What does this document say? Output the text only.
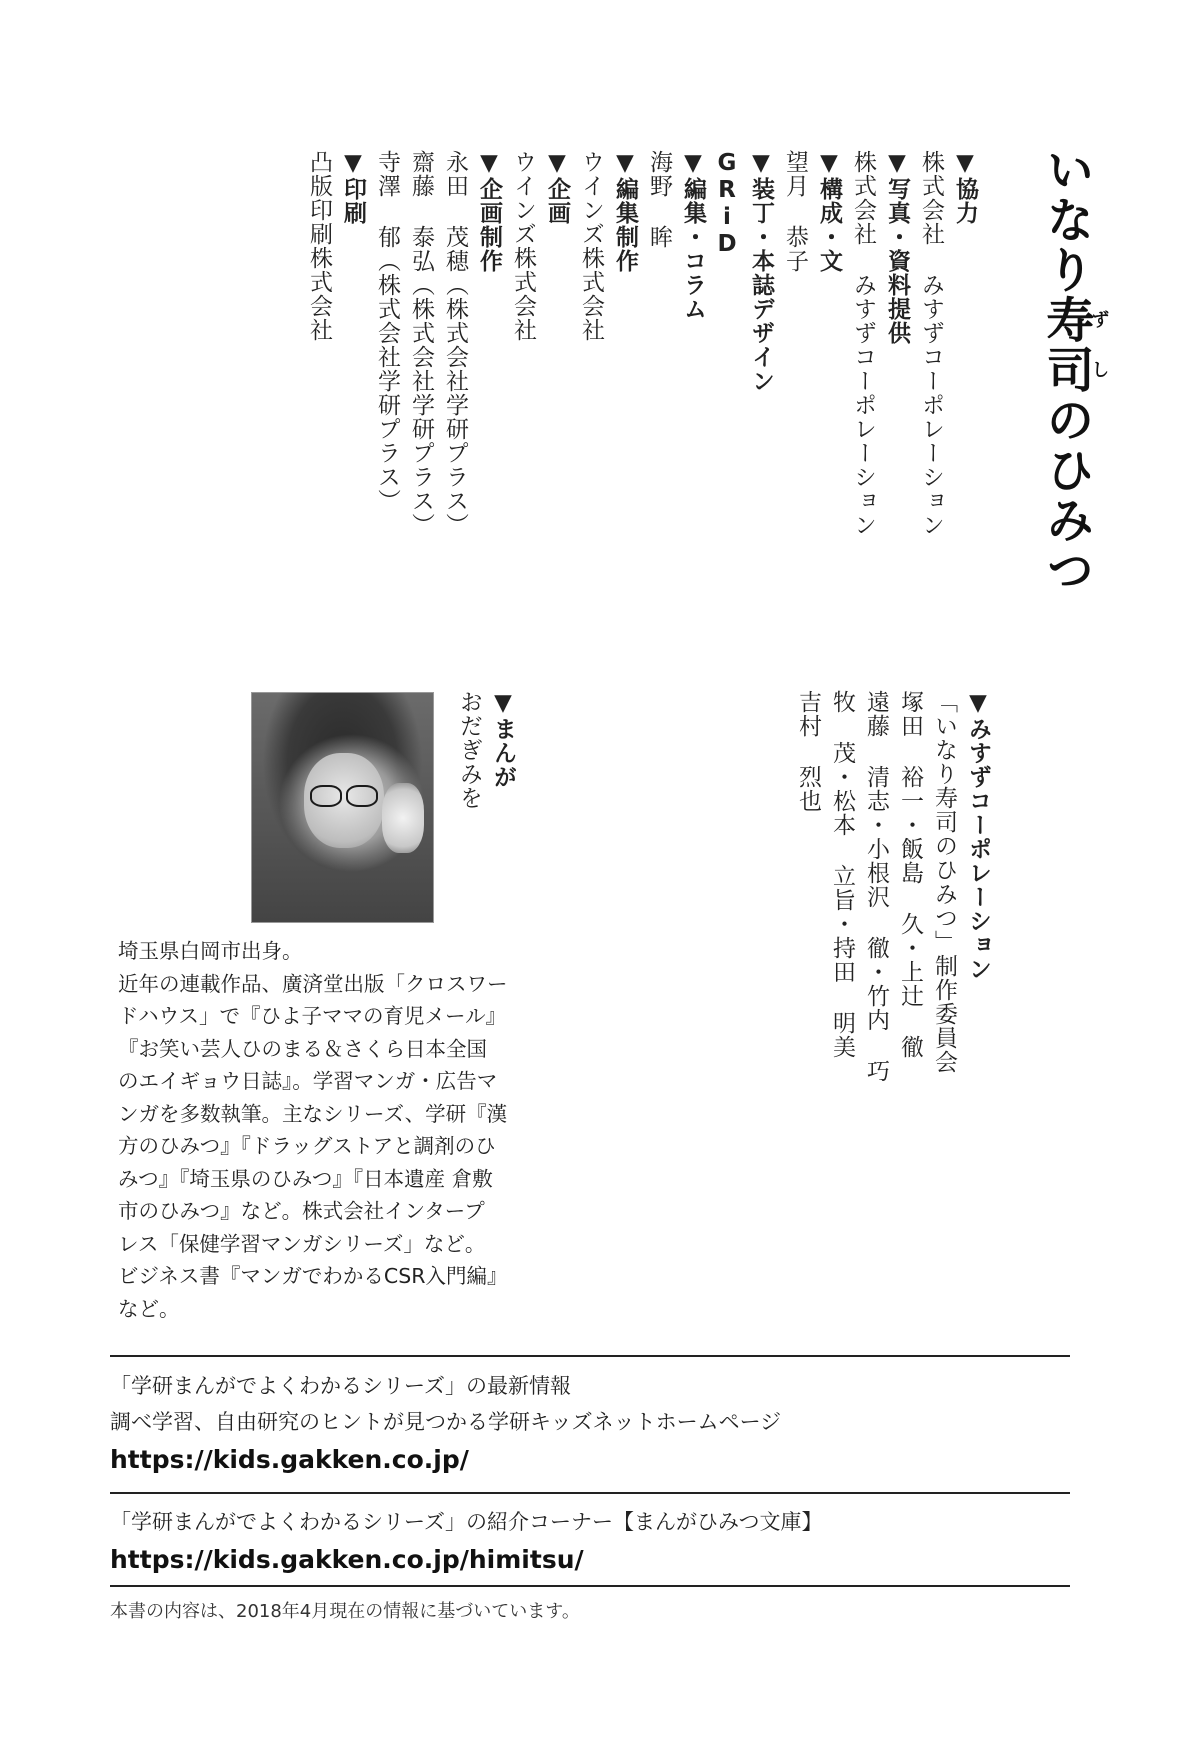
いなり寿司ずしのひみつ
▼ 協力
株式会社 みすずコーポレーション
▼ 写真・資料提供
株式会社 みすずコーポレーション
▼ 構成・文
望月 恭子
▼ 装丁・本誌デザイン
GRiD
▼ 編集・コラム
海野 眸
▼ 編集制作
ウインズ株式会社
▼ 企画
ウインズ株式会社
▼ 企画制作
永田 茂穂（株式会社学研プラス）
齋藤 泰弘（株式会社学研プラス）
寺澤 郁（株式会社学研プラス）
▼ 印刷
凸版印刷株式会社
▼ みすずコーポレーション
「いなり寿司のひみつ」制作委員会
塚田 裕一・飯島 久・上辻 徹
遠藤 清志・小根沢 徹・竹内 巧
牧 茂・松本 立旨・持田 明美
吉村 烈也
▼ まんが
おだぎみを
埼玉県白岡市出身。
近年の連載作品、廣済堂出版「クロスワー
ドハウス」で『ひよ子ママの育児メール』
『お笑い芸人ひのまる＆さくら日本全国
のエイギョウ日誌』。学習マンガ・広告マ
ンガを多数執筆。主なシリーズ、学研『漢
方のひみつ』『ドラッグストアと調剤のひ
みつ』『埼玉県のひみつ』『日本遺産 倉敷
市のひみつ』など。株式会社インタープ
レス「保健学習マンガシリーズ」など。
ビジネス書『マンガでわかるCSR入門編』
など。
「学研まんがでよくわかるシリーズ」の最新情報
調べ学習、自由研究のヒントが見つかる学研キッズネットホームページ
https://kids.gakken.co.jp/
「学研まんがでよくわかるシリーズ」の紹介コーナー【まんがひみつ文庫】
https://kids.gakken.co.jp/himitsu/
本書の内容は、2018年4月現在の情報に基づいています。
